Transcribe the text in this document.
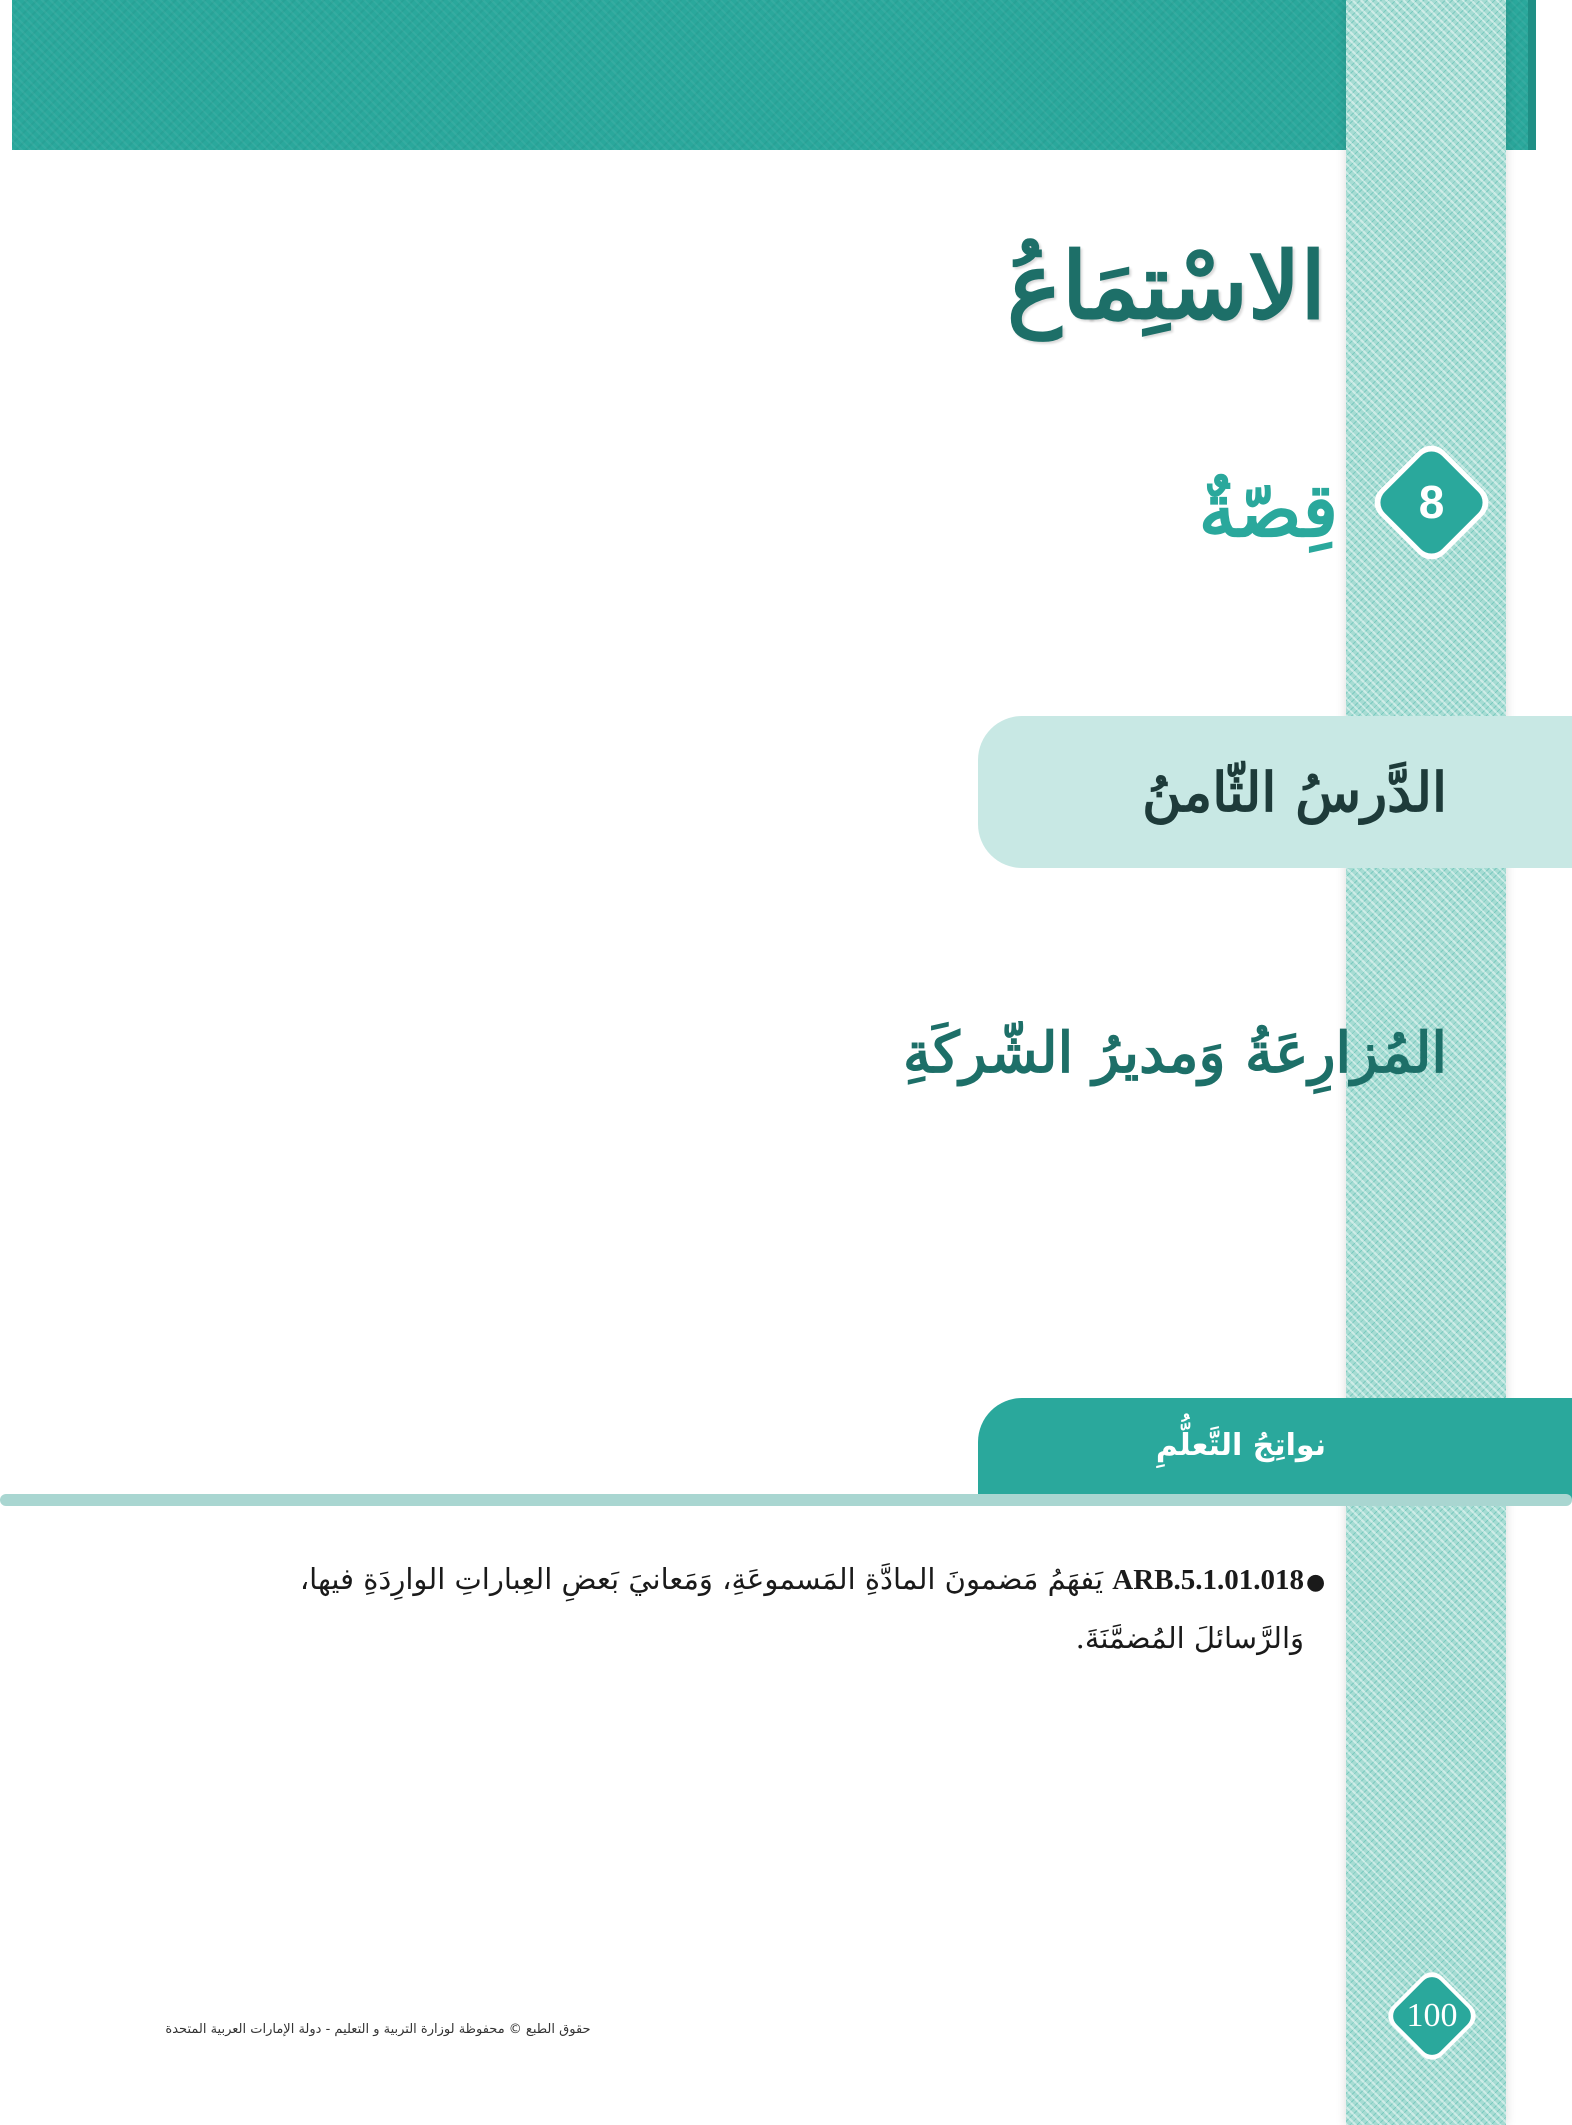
الاسْتِمَاعُ
8
قِصّةٌ
الدَّرسُ الثّامنُ
المُزارِعَةُ وَمديرُ الشّركَةِ
نواتِجُ التَّعلُّمِ
●
ARB.5.1.01.018 يَفهَمُ مَضمونَ المادَّةِ المَسموعَةِ، وَمَعانيَ بَعضِ العِباراتِ الوارِدَةِ فيها، وَالرَّسائلَ المُضمَّنَةَ.
100
حقوق الطبع © محفوظة لوزارة التربية و التعليم - دولة الإمارات العربية المتحدة
